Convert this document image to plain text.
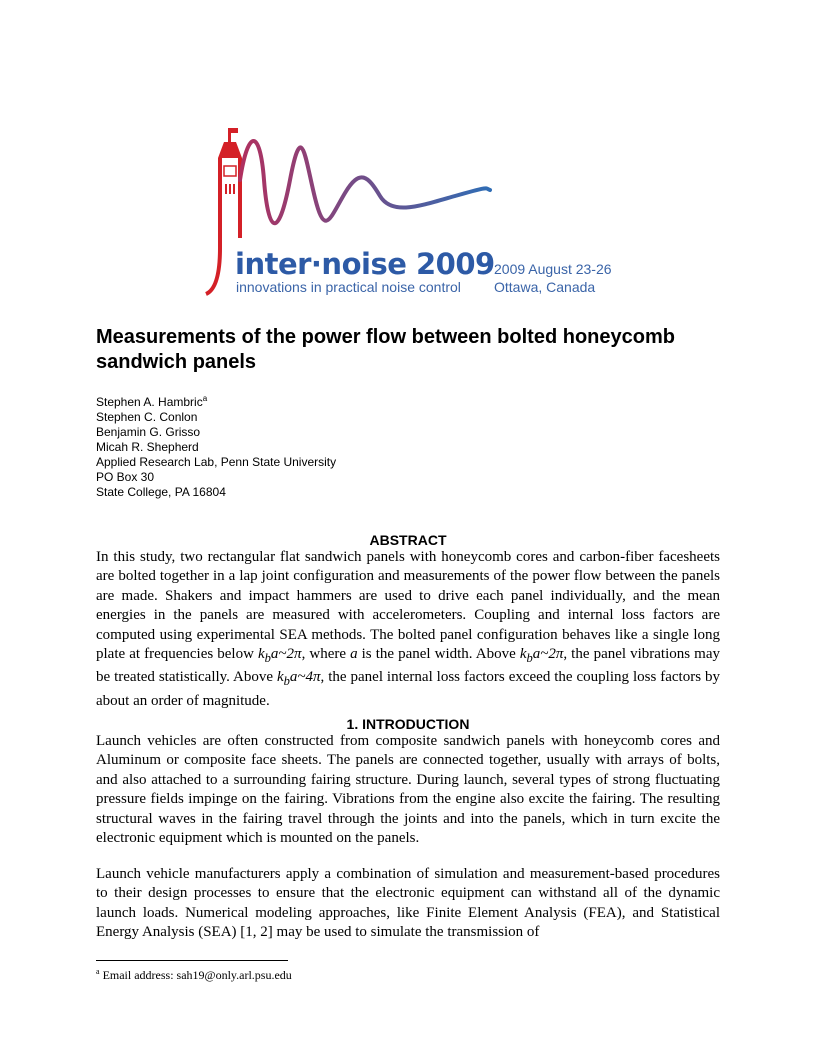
inter·noise 2009
innovations in practical noise control
2009 August 23-26
Ottawa, Canada
Measurements of the power flow between bolted honeycomb sandwich panels
Stephen A. Hambric$^a$
Stephen C. Conlon
Benjamin G. Grisso
Micah R. Shepherd
Applied Research Lab, Penn State University
PO Box 30
State College, PA 16804
ABSTRACT

In this study, two rectangular flat sandwich panels with honeycomb cores and carbon-fiber facesheets are bolted together in a lap joint configuration and measurements of the power flow between the panels are made. Shakers and impact hammers are used to drive each panel individually, and the mean energies in the panels are measured with accelerometers. Coupling and internal loss factors are computed using experimental SEA methods. The bolted panel configuration behaves like a single long plate at frequencies below $k_ba\sim 2\pi$, where a is the panel width. Above $k_ba\sim 2\pi$, the panel vibrations may be treated statistically. Above $k_ba\sim 4\pi$, the panel internal loss factors exceed the coupling loss factors by about an order of magnitude.

1. INTRODUCTION

Launch vehicles are often constructed from composite sandwich panels with honeycomb cores and Aluminum or composite face sheets. The panels are connected together, usually with arrays of bolts, and also attached to a surrounding fairing structure. During launch, several types of strong fluctuating pressure fields impinge on the fairing. Vibrations from the engine also excite the fairing. The resulting structural waves in the fairing travel through the joints and into the panels, which in turn excite the electronic equipment which is mounted on the panels.

Launch vehicle manufacturers apply a combination of simulation and measurement-based procedures to their design processes to ensure that the electronic equipment can withstand all of the dynamic launch loads. Numerical modeling approaches, like Finite Element Analysis (FEA), and Statistical Energy Analysis (SEA) [1, 2] may be used to simulate the transmission of

$^a$ Email address: sah19@only.arl.psu.edu
